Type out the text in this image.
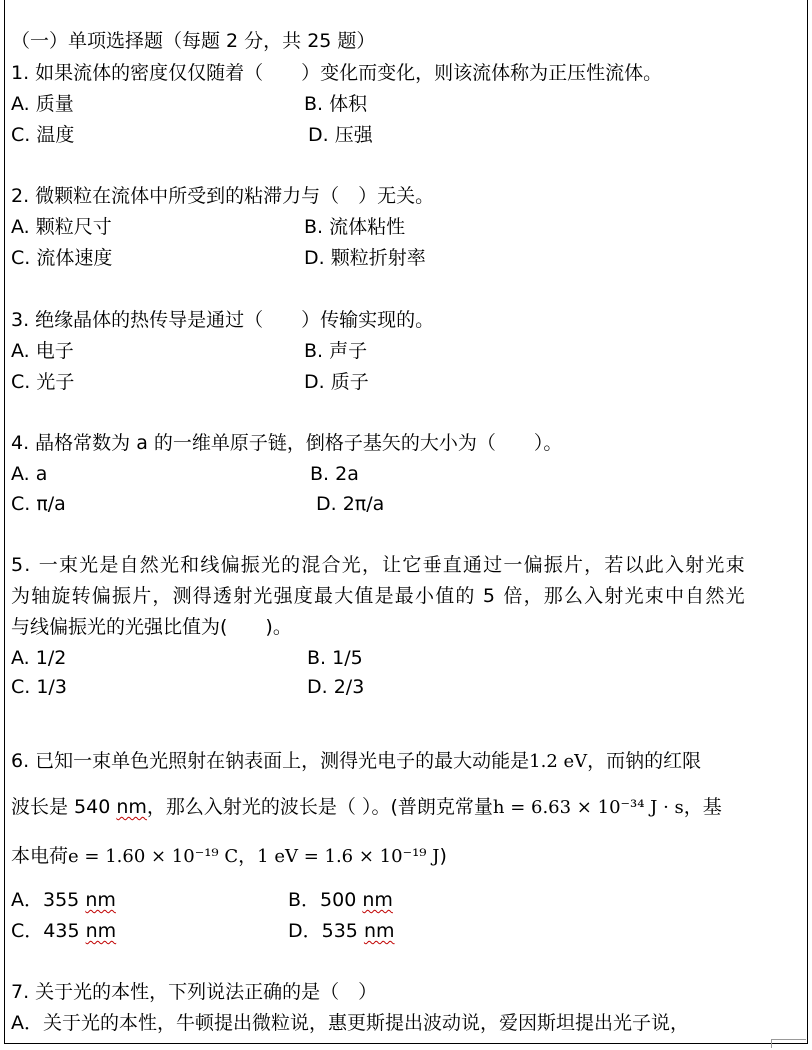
（一）单项选择题（每题 2 分，共 25 题）
1. 如果流体的密度仅仅随着（　　）变化而变化，则该流体称为正压性流体。
A. 质量	B. 体积
C. 温度	D. 压强
2. 微颗粒在流体中所受到的粘滞力与（　）无关。
A. 颗粒尺寸	B. 流体粘性
C. 流体速度	D. 颗粒折射率
3. 绝缘晶体的热传导是通过（　　）传输实现的。
A. 电子	B. 声子
C. 光子	D. 质子
4. 晶格常数为 a 的一维单原子链，倒格子基矢的大小为（　　）。
A. a	B. 2a
C. π/a	D. 2π/a
5. 一束光是自然光和线偏振光的混合光，让它垂直通过一偏振片，若以此入射光束
为轴旋转偏振片，测得透射光强度最大值是最小值的 5 倍，那么入射光束中自然光
与线偏振光的光强比值为(　　)。
A. 1/2	B. 1/5
C. 1/3	D. 2/3
6. 已知一束单色光照射在钠表面上，测得光电子的最大动能是1.2 eV，而钠的红限
波长是 540 nm，那么入射光的波长是（ ）。(普朗克常量h = 6.63 × 10⁻³⁴ J · s，基
本电荷e = 1.60 × 10⁻¹⁹ C，1 eV = 1.6 × 10⁻¹⁹ J)
A．355 nm	B．500 nm
C．435 nm	D．535 nm
7. 关于光的本性，下列说法正确的是（　）
A．关于光的本性，牛顿提出微粒说，惠更斯提出波动说，爱因斯坦提出光子说，
